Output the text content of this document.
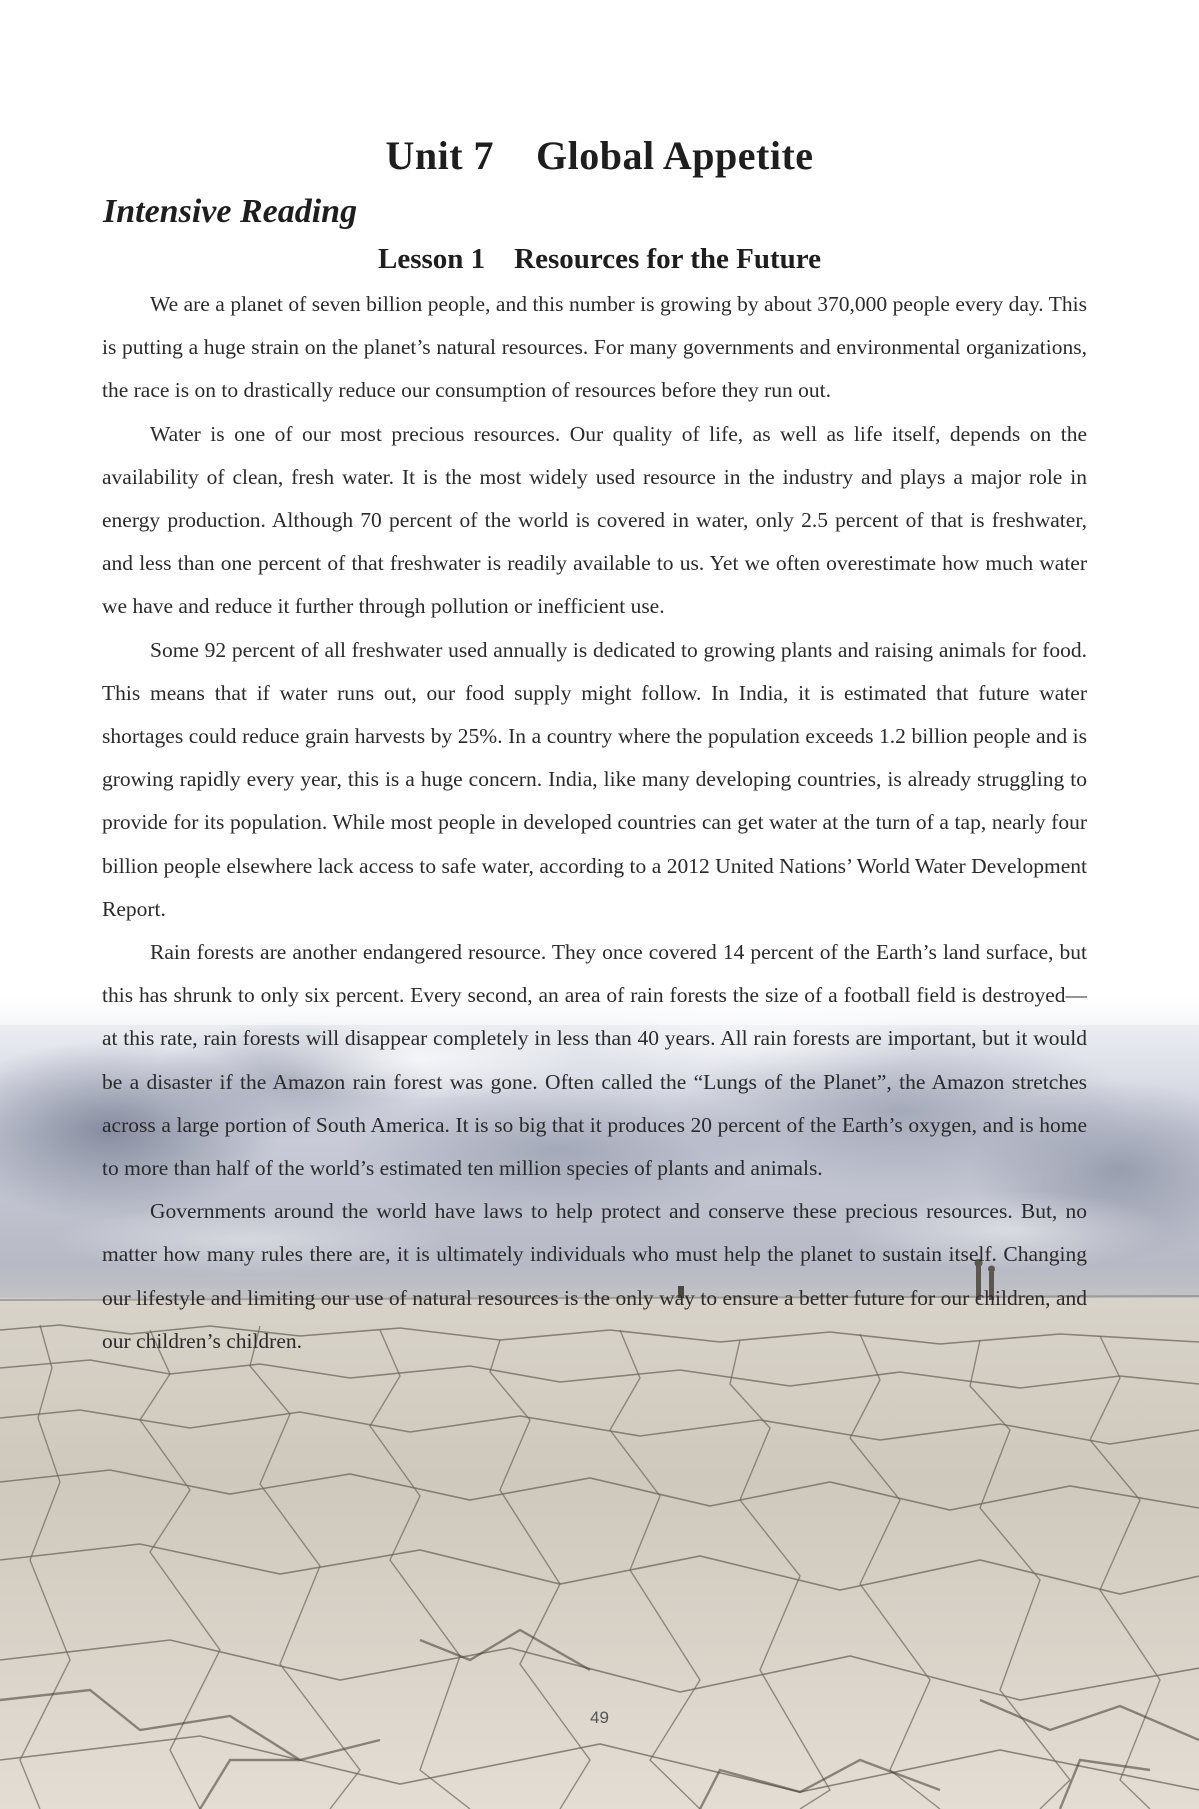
Unit 7    Global Appetite
Intensive Reading
Lesson 1    Resources for the Future

We are a planet of seven billion people, and this number is growing by about 370,000 people every day. This is putting a huge strain on the planet’s natural resources. For many governments and environmental organizations, the race is on to drastically reduce our consumption of resources before they run out.

Water is one of our most precious resources. Our quality of life, as well as life itself, depends on the availability of clean, fresh water. It is the most widely used resource in the industry and plays a major role in energy production. Although 70 percent of the world is covered in water, only 2.5 percent of that is freshwater, and less than one percent of that freshwater is readily available to us. Yet we often overestimate how much water we have and reduce it further through pollution or inefficient use.

Some 92 percent of all freshwater used annually is dedicated to growing plants and raising animals for food. This means that if water runs out, our food supply might follow. In India, it is estimated that future water shortages could reduce grain harvests by 25%. In a country where the population exceeds 1.2 billion people and is growing rapidly every year, this is a huge concern. India, like many developing countries, is already struggling to provide for its population. While most people in developed countries can get water at the turn of a tap, nearly four billion people elsewhere lack access to safe water, according to a 2012 United Nations’ World Water Development Report.

Rain forests are another endangered resource. They once covered 14 percent of the Earth’s land surface, but this has shrunk to only six percent. Every second, an area of rain forests the size of a football field is destroyed—at this rate, rain forests will disappear completely in less than 40 years. All rain forests are important, but it would be a disaster if the Amazon rain forest was gone. Often called the “Lungs of the Planet”, the Amazon stretches across a large portion of South America. It is so big that it produces 20 percent of the Earth’s oxygen, and is home to more than half of the world’s estimated ten million species of plants and animals.

Governments around the world have laws to help protect and conserve these precious resources. But, no matter how many rules there are, it is ultimately individuals who must help the planet to sustain itself. Changing our lifestyle and limiting our use of natural resources is the only way to ensure a better future for our children, and our children’s children.

49
